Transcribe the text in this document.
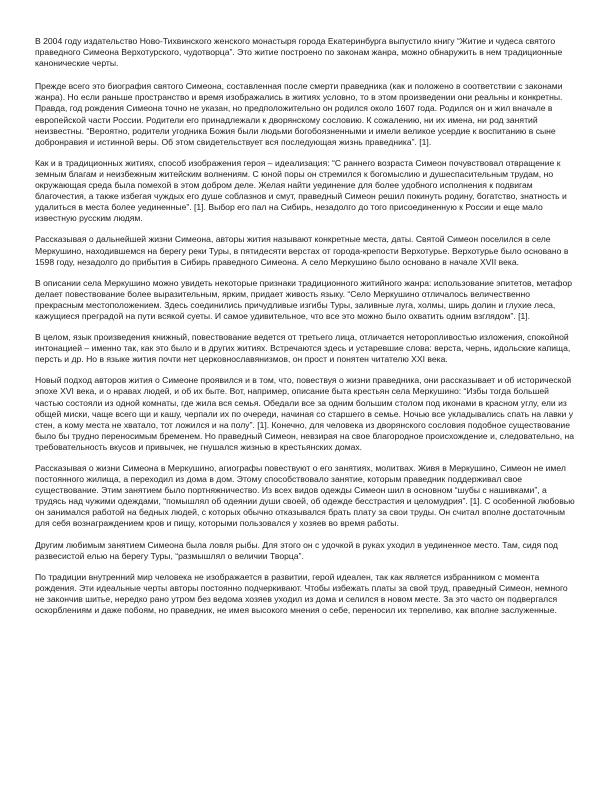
В 2004 году издательство Ново-Тихвинского женского монастыря города Екатеринбурга выпустило книгу “Житие и чудеса святого праведного Симеона Верхотурского, чудотворца”. Это житие построено по законам жанра, можно обнаружить в нем традиционные канонические черты.

Прежде всего это биография святого Симеона, составленная после смерти праведника (как и положено в соответствии с законами жанра). Но если раньше пространство и время изображались в житиях условно, то в этом произведении они реальны и конкретны. Правда, год рождения Симеона точно не указан, но предположительно он родился около 1607 года. Родился он и жил вначале в европейской части России. Родители его принадлежали к дворянскому сословию. К сожалению, ни их имена, ни род занятий неизвестны. “Вероятно, родители угодника Божия были людьми богобоязненными и имели великое усердие к воспитанию в сыне добронравия и истинной веры. Об этом свидетельствует вся последующая жизнь праведника”. [1].

Как и в традиционных житиях, способ изображения героя – идеализация: “С раннего возраста Симеон почувствовал отвращение к земным благам и неизбежным житейским волнениям. С юной поры он стремился к богомыслию и душеспасительным трудам, но окружающая среда была помехой в этом добром деле. Желая найти уединение для более удобного исполнения к подвигам благочестия, а также избегая чуждых его душе соблазнов и смут, праведный Симеон решил покинуть родину, богатство, знатность и удалиться в места более уединенные”. [1]. Выбор его пал на Сибирь, незадолго до того присоединенную к России и еще мало известную русским людям.

Рассказывая о дальнейшей жизни Симеона, авторы жития называют конкретные места, даты. Святой Симеон поселился в селе Меркушино, находившемся на берегу реки Туры, в пятидесяти верстах от города-крепости Верхотурье. Верхотурье было основано в 1598 году, незадолго до прибытия в Сибирь праведного Симеона. А село Меркушино было основано в начале XVII века.

В описании села Меркушино можно увидеть некоторые признаки традиционного житийного жанра: использование эпитетов, метафор делает повествование более выразительным, ярким, придает живость языку. “Село Меркушино отличалось величественно прекрасным местоположением. Здесь соединились причудливые изгибы Туры, заливные луга, холмы, ширь долин и глухие леса, кажущиеся преградой на пути всякой суеты. И самое удивительное, что все это можно было охватить одним взглядом”. [1].

В целом, язык произведения книжный, повествование ведется от третьего лица, отличается неторопливостью изложения, спокойной интонацией – именно так, как это было и в других житиях. Встречаются здесь и устаревшие слова: верста, чернь, идольские капища, персть и др. Но в языке жития почти нет церковнославянизмов, он прост и понятен читателю XXI века.

Новый подход авторов жития о Симеоне проявился и в том, что, повествуя о жизни праведника, они рассказывает и об исторической эпохе XVI века, и о нравах людей, и об их быте. Вот, например, описание быта крестьян села Меркушино: “Избы тогда большей частью состояли из одной комнаты, где жила вся семья. Обедали все за одним большим столом под иконами в красном углу, ели из общей миски, чаще всего щи и кашу, черпали их по очереди, начиная со старшего в семье. Ночью все укладывались спать на лавки у стен, а кому места не хватало, тот ложился и на полу”. [1]. Конечно, для человека из дворянского сословия подобное существование было бы трудно переносимым бременем. Но праведный Симеон, невзирая на свое благородное происхождение и, следовательно, на требовательность вкусов и привычек, не гнушался жизнью в крестьянских домах.

Рассказывая о жизни Симеона в Меркушино, агиографы повествуют о его занятиях, молитвах. Живя в Меркушино, Симеон не имел постоянного жилища, а переходил из дома в дом. Этому способствовало занятие, которым праведник поддерживал свое существование. Этим занятием было портняжничество. Из всех видов одежды Симеон шил в основном “шубы с нашивками”, а трудясь над чужими одеждами, “помышлял об одеянии души своей, об одежде бесстрастия и целомудрия”. [1]. С особенной любовью он занимался работой на бедных людей, с которых обычно отказывался брать плату за свои труды. Он считал вполне достаточным для себя вознаграждением кров и пищу, которыми пользовался у хозяев во время работы.

Другим любимым занятием Симеона была ловля рыбы. Для этого он с удочкой в руках уходил в уединенное место. Там, сидя под развесистой елью на берегу Туры, “размышлял о величии Творца”.

По традиции внутренний мир человека не изображается в развитии, герой идеален, так как является избранником с момента рождения. Эти идеальные черты авторы постоянно подчеркивают. Чтобы избежать платы за свой труд, праведный Симеон, немного не закончив шитье, нередко рано утром без ведома хозяев уходил из дома и селился в новом месте. За это часто он подвергался оскорблениям и даже побоям, но праведник, не имея высокого мнения о себе, переносил их терпеливо, как вполне заслуженные.
